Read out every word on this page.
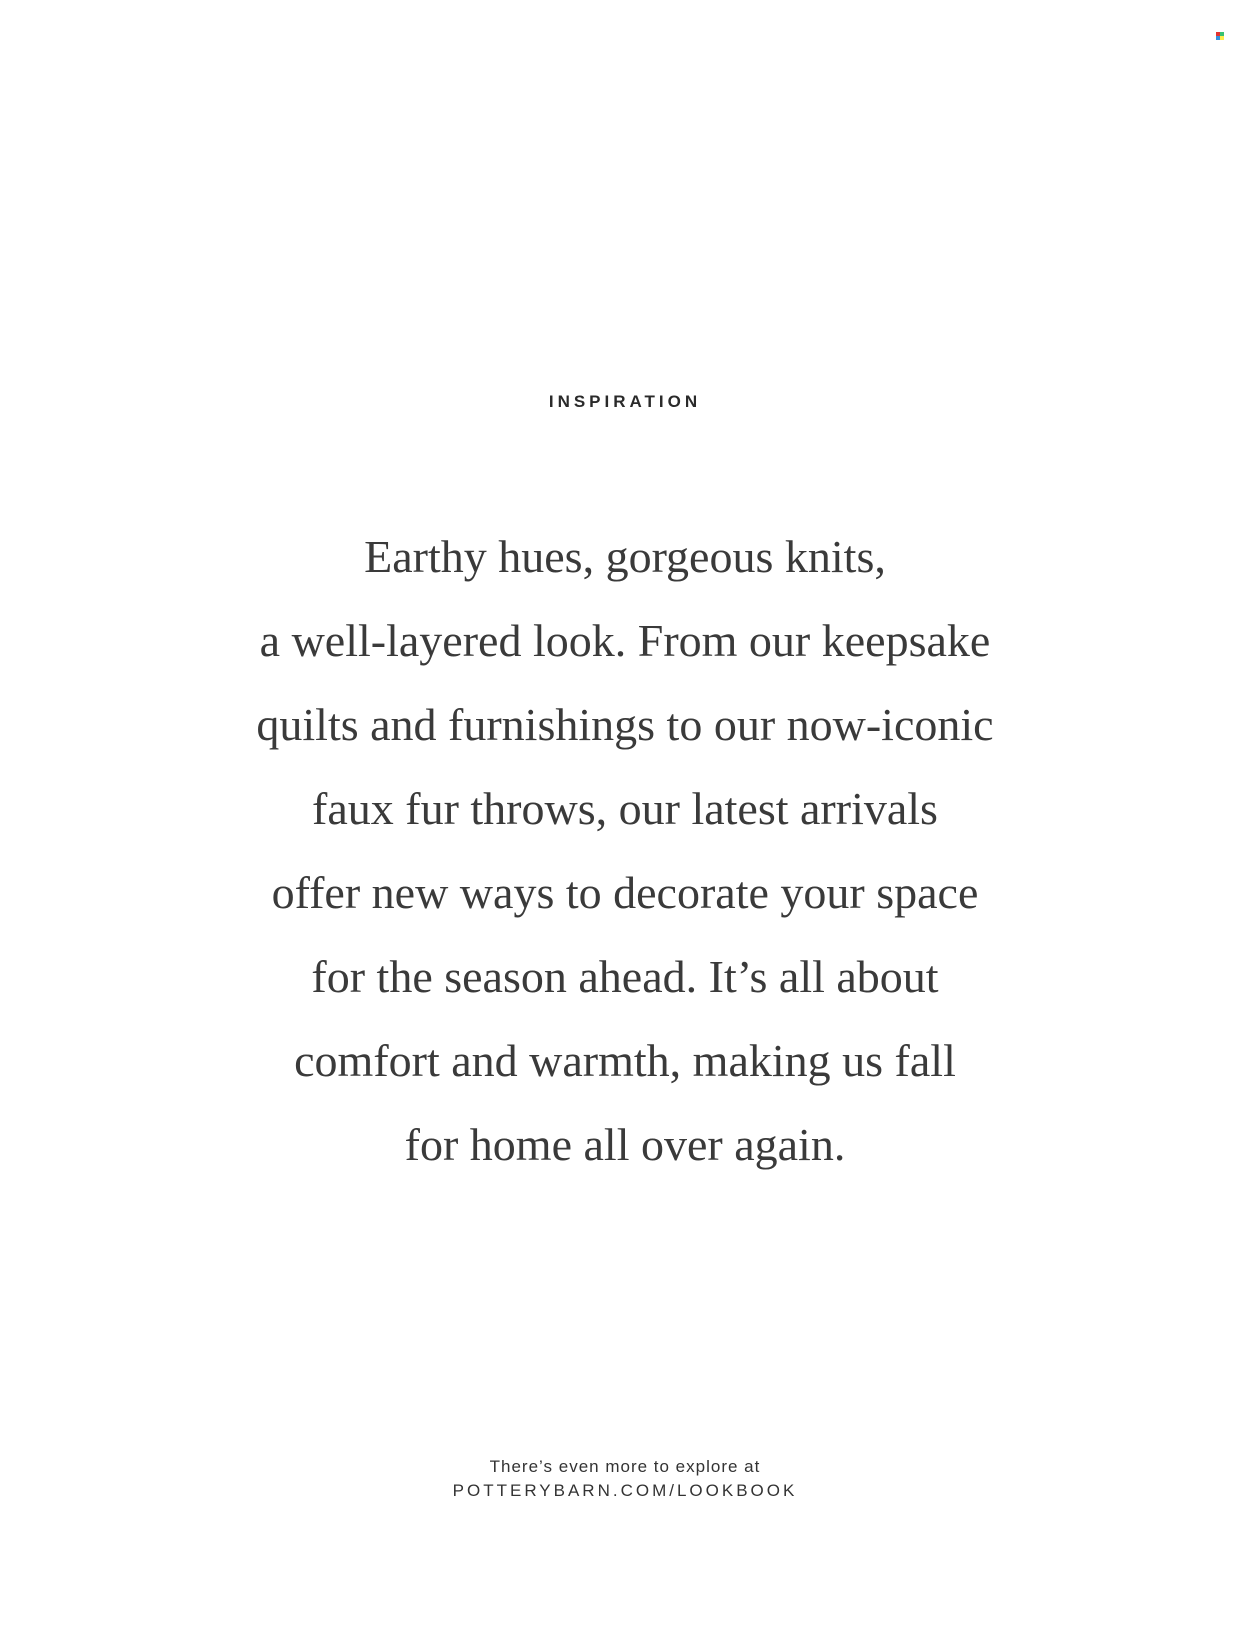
INSPIRATION
Earthy hues, gorgeous knits,
a well-layered look. From our keepsake
quilts and furnishings to our now-iconic
faux fur throws, our latest arrivals
offer new ways to decorate your space
for the season ahead. It’s all about
comfort and warmth, making us fall
for home all over again.
There’s even more to explore at
POTTERYBARN.COM/LOOKBOOK
